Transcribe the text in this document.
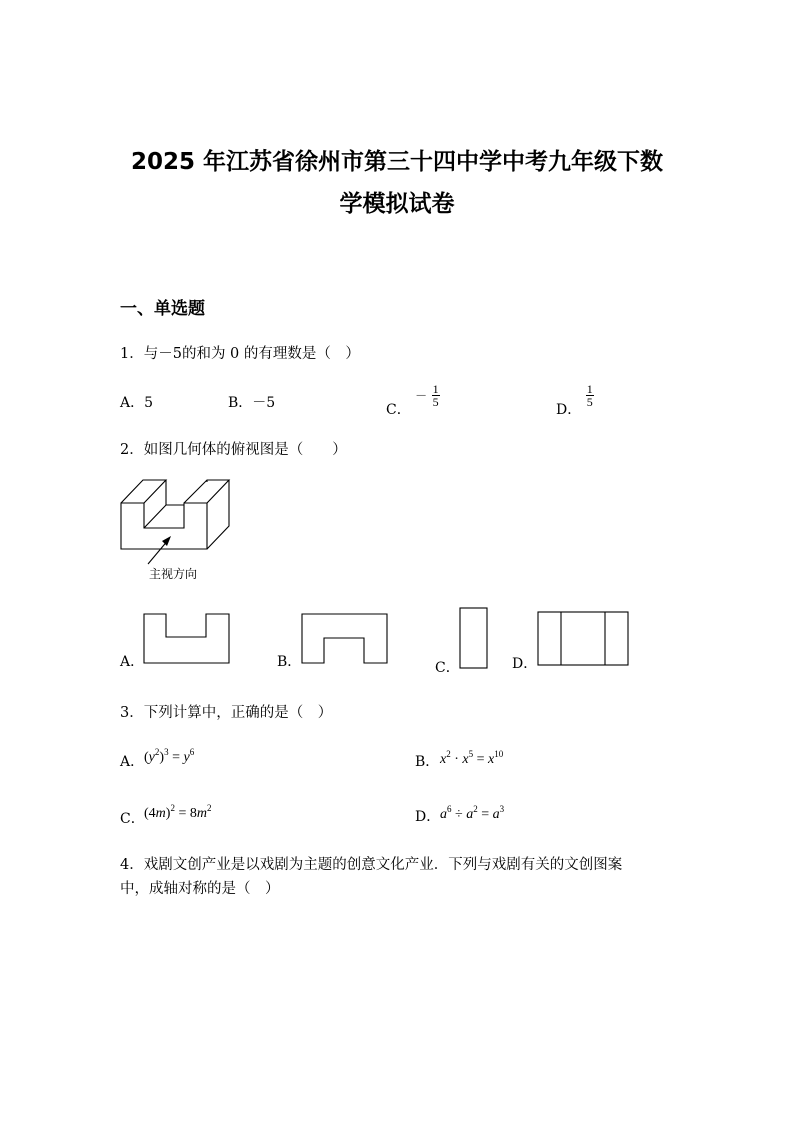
2025 年江苏省徐州市第三十四中学中考九年级下数
学模拟试卷
一、单选题
1．与－5的和为 0 的有理数是（　）
A．5	B．－5	C． － $\frac{1}{5}$
D．
$\frac{1}{5}$
2．如图几何体的俯视图是（　　）
主视方向
A．	B．	C．	D．
3．下列计算中，正确的是（　）
A． $(y^2)^3 = y^6$
B． $x^2 \cdot x^5 = x^{10}$
C． $(4m)^2 = 8m^2$
D． $a^6 \div a^2 = a^3$
4．戏剧文创产业是以戏剧为主题的创意文化产业．下列与戏剧有关的文创图案
中，成轴对称的是（　）
